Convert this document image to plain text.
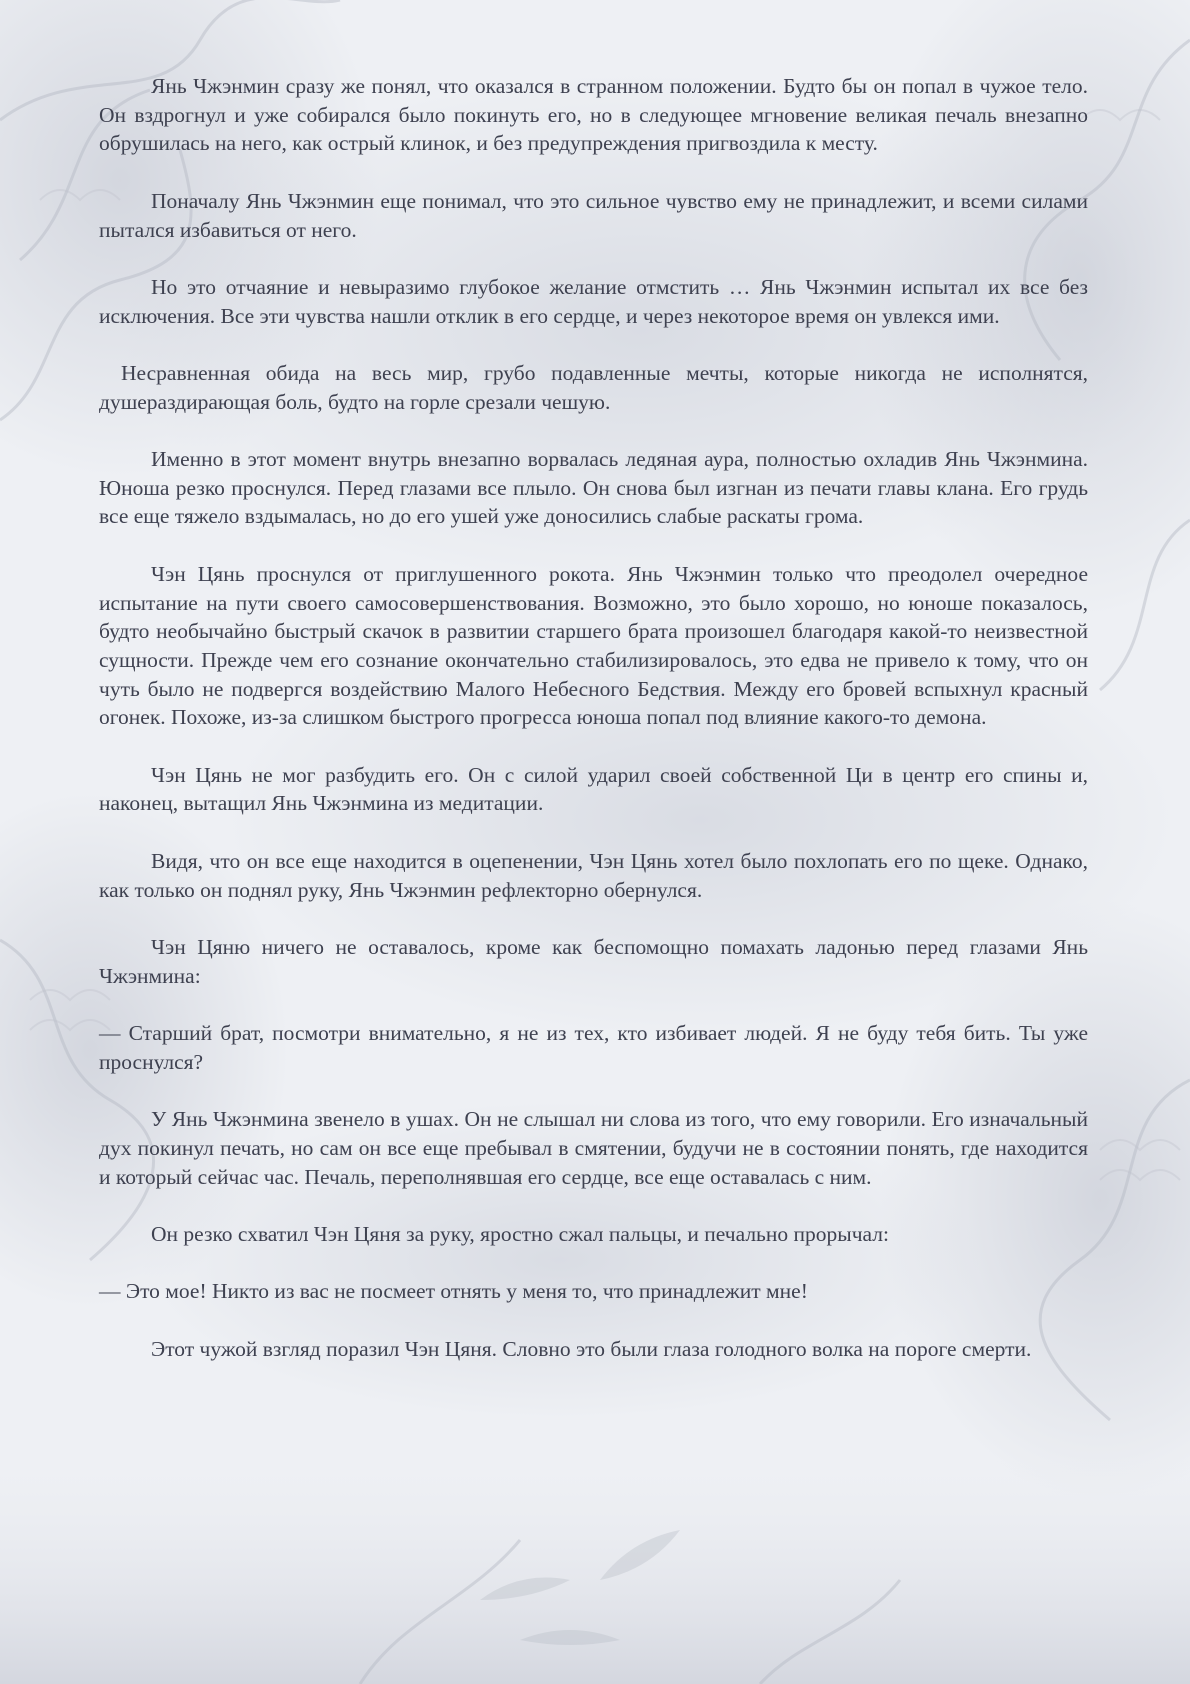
Янь Чжэнмин сразу же понял, что оказался в странном положении. Будто бы он попал в чужое тело. Он вздрогнул и уже собирался было покинуть его, но в следующее мгновение великая печаль внезапно обрушилась на него, как острый клинок, и без предупреждения пригвоздила к месту.

Поначалу Янь Чжэнмин еще понимал, что это сильное чувство ему не принадлежит, и всеми силами пытался избавиться от него.

Но это отчаяние и невыразимо глубокое желание отмстить … Янь Чжэнмин испытал их все без исключения. Все эти чувства нашли отклик в его сердце, и через некоторое время он увлекся ими.

Несравненная обида на весь мир, грубо подавленные мечты, которые никогда не исполнятся, душераздирающая боль, будто на горле срезали чешую.

Именно в этот момент внутрь внезапно ворвалась ледяная аура, полностью охладив Янь Чжэнмина. Юноша резко проснулся. Перед глазами все плыло. Он снова был изгнан из печати главы клана. Его грудь все еще тяжело вздымалась, но до его ушей уже доносились слабые раскаты грома.

Чэн Цянь проснулся от приглушенного рокота. Янь Чжэнмин только что преодолел очередное испытание на пути своего самосовершенствования. Возможно, это было хорошо, но юноше показалось, будто необычайно быстрый скачок в развитии старшего брата произошел благодаря какой-то неизвестной сущности. Прежде чем его сознание окончательно стабилизировалось, это едва не привело к тому, что он чуть было не подвергся воздействию Малого Небесного Бедствия. Между его бровей вспыхнул красный огонек. Похоже, из-за слишком быстрого прогресса юноша попал под влияние какого-то демона.

Чэн Цянь не мог разбудить его. Он с силой ударил своей собственной Ци в центр его спины и, наконец, вытащил Янь Чжэнмина из медитации.

Видя, что он все еще находится в оцепенении, Чэн Цянь хотел было похлопать его по щеке. Однако, как только он поднял руку, Янь Чжэнмин рефлекторно обернулся.

Чэн Цяню ничего не оставалось, кроме как беспомощно помахать ладонью перед глазами Янь Чжэнмина:

— Старший брат, посмотри внимательно, я не из тех, кто избивает людей. Я не буду тебя бить. Ты уже проснулся?

У Янь Чжэнмина звенело в ушах. Он не слышал ни слова из того, что ему говорили. Его изначальный дух покинул печать, но сам он все еще пребывал в смятении, будучи не в состоянии понять, где находится и который сейчас час. Печаль, переполнявшая его сердце, все еще оставалась с ним.

Он резко схватил Чэн Цяня за руку, яростно сжал пальцы, и печально прорычал:

— Это мое! Никто из вас не посмеет отнять у меня то, что принадлежит мне!

Этот чужой взгляд поразил Чэн Цяня. Словно это были глаза голодного волка на пороге смерти.
